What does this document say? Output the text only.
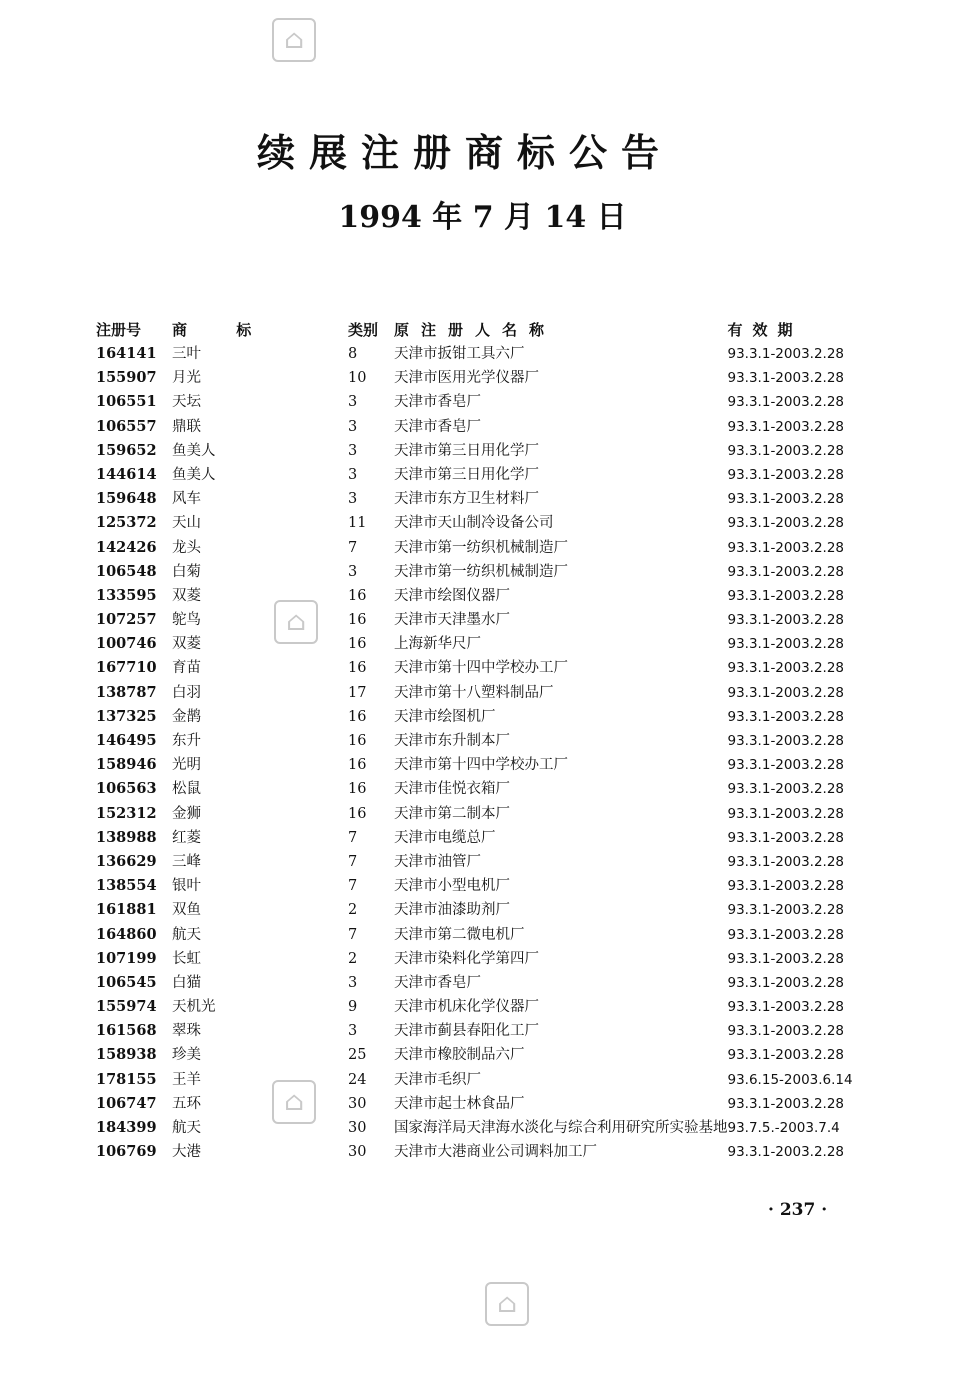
续展注册商标公告
1994 年 7 月 14 日
注册号	商 标	类别	原注册人名称	有效期
164141	三叶	8	天津市扳钳工具六厂	93.3.1-2003.2.28
155907	月光	10	天津市医用光学仪器厂	93.3.1-2003.2.28
106551	天坛	3	天津市香皂厂	93.3.1-2003.2.28
106557	鼎联	3	天津市香皂厂	93.3.1-2003.2.28
159652	鱼美人	3	天津市第三日用化学厂	93.3.1-2003.2.28
144614	鱼美人	3	天津市第三日用化学厂	93.3.1-2003.2.28
159648	风车	3	天津市东方卫生材料厂	93.3.1-2003.2.28
125372	天山	11	天津市天山制冷设备公司	93.3.1-2003.2.28
142426	龙头	7	天津市第一纺织机械制造厂	93.3.1-2003.2.28
106548	白菊	3	天津市第一纺织机械制造厂	93.3.1-2003.2.28
133595	双菱	16	天津市绘图仪器厂	93.3.1-2003.2.28
107257	鸵鸟	16	天津市天津墨水厂	93.3.1-2003.2.28
100746	双菱	16	上海新华尺厂	93.3.1-2003.2.28
167710	育苗	16	天津市第十四中学校办工厂	93.3.1-2003.2.28
138787	白羽	17	天津市第十八塑料制品厂	93.3.1-2003.2.28
137325	金鹊	16	天津市绘图机厂	93.3.1-2003.2.28
146495	东升	16	天津市东升制本厂	93.3.1-2003.2.28
158946	光明	16	天津市第十四中学校办工厂	93.3.1-2003.2.28
106563	松鼠	16	天津市佳悦衣箱厂	93.3.1-2003.2.28
152312	金狮	16	天津市第二制本厂	93.3.1-2003.2.28
138988	红菱	7	天津市电缆总厂	93.3.1-2003.2.28
136629	三峰	7	天津市油管厂	93.3.1-2003.2.28
138554	银叶	7	天津市小型电机厂	93.3.1-2003.2.28
161881	双鱼	2	天津市油漆助剂厂	93.3.1-2003.2.28
164860	航天	7	天津市第二微电机厂	93.3.1-2003.2.28
107199	长虹	2	天津市染料化学第四厂	93.3.1-2003.2.28
106545	白猫	3	天津市香皂厂	93.3.1-2003.2.28
155974	天机光	9	天津市机床化学仪器厂	93.3.1-2003.2.28
161568	翠珠	3	天津市蓟县春阳化工厂	93.3.1-2003.2.28
158938	珍美	25	天津市橡胶制品六厂	93.3.1-2003.2.28
178155	王羊	24	天津市毛织厂	93.6.15-2003.6.14
106747	五环	30	天津市起士林食品厂	93.3.1-2003.2.28
184399	航天	30	国家海洋局天津海水淡化与综合利用研究所实验基地	93.7.5.-2003.7.4
106769	大港	30	天津市大港商业公司调料加工厂	93.3.1-2003.2.28
· 237 ·
⌂
⌂
⌂
⌂
